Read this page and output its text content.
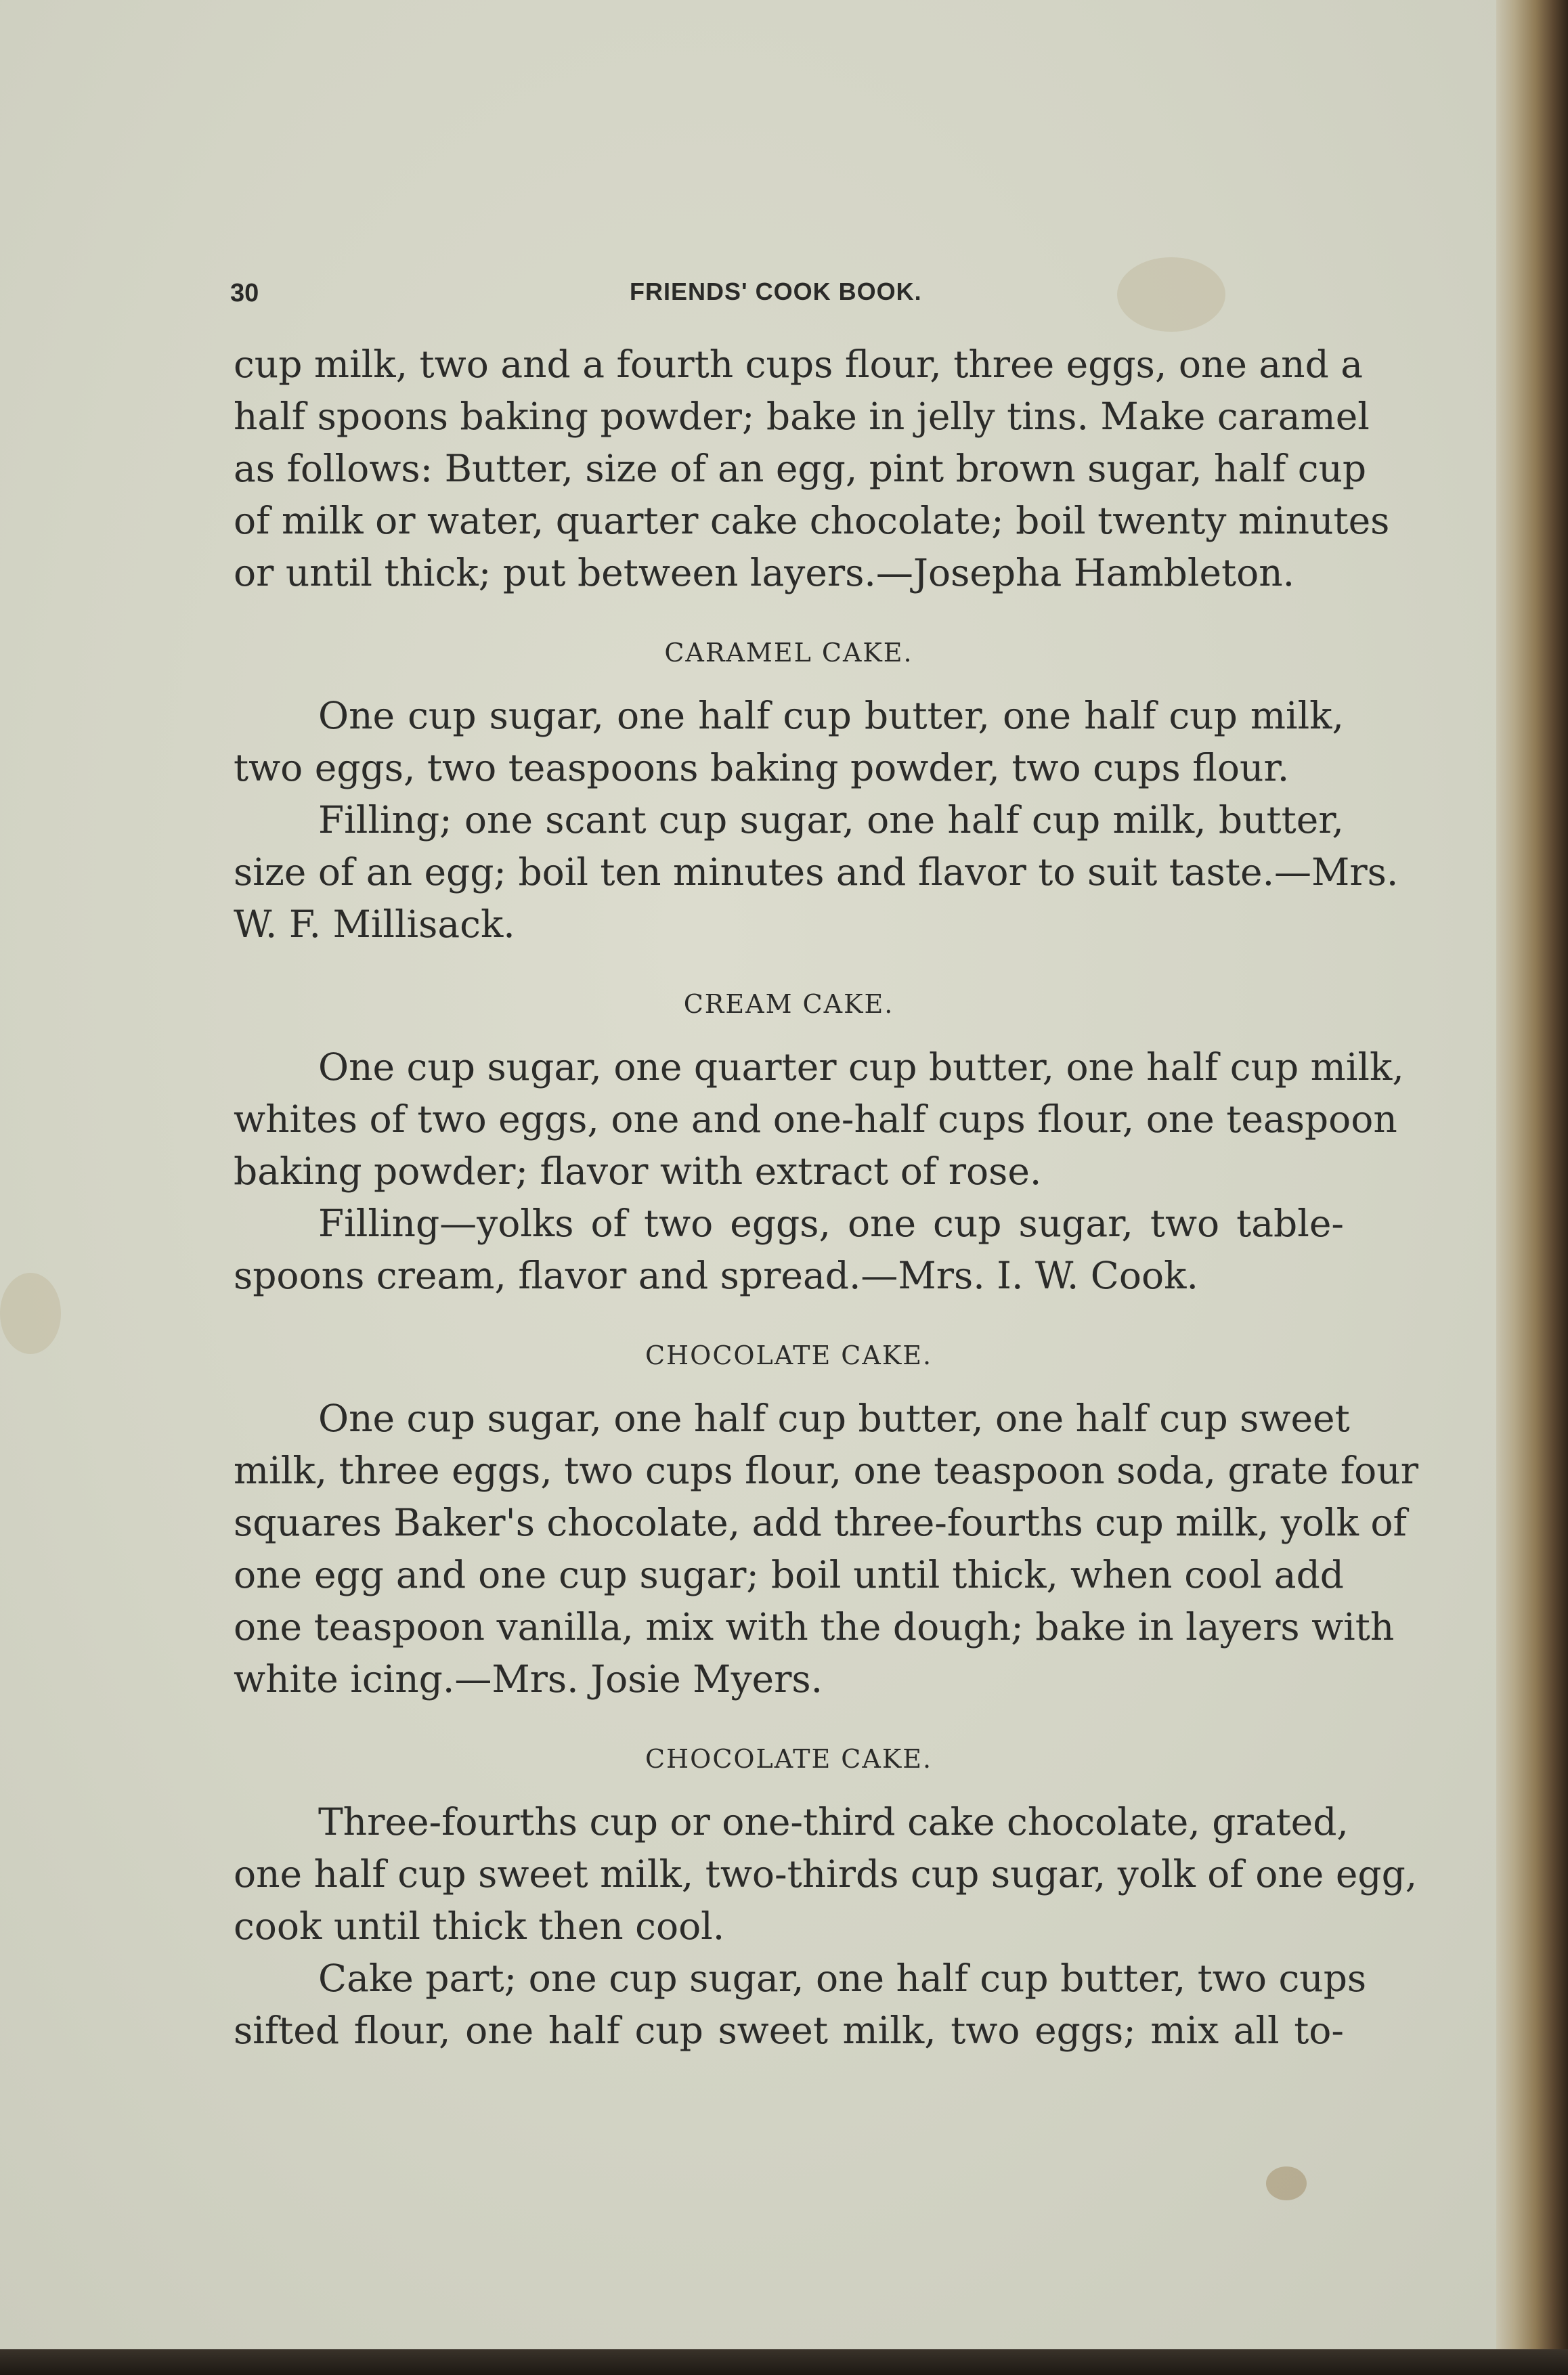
30	FRIENDS' COOK BOOK.
cup milk, two and a fourth cups flour, three eggs, one and a
half spoons baking powder; bake in jelly tins. Make caramel
as follows: Butter, size of an egg, pint brown sugar, half cup
of milk or water, quarter cake chocolate; boil twenty minutes
or until thick; put between layers.—Josepha Hambleton.
CARAMEL CAKE.
One cup sugar, one half cup butter, one half cup milk,
two eggs, two teaspoons baking powder, two cups flour.
Filling; one scant cup sugar, one half cup milk, butter,
size of an egg; boil ten minutes and flavor to suit taste.—Mrs.
W. F. Millisack.
CREAM CAKE.
One cup sugar, one quarter cup butter, one half cup milk,
whites of two eggs, one and one-half cups flour, one teaspoon
baking powder; flavor with extract of rose.
Filling—yolks of two eggs, one cup sugar, two table-
spoons cream, flavor and spread.—Mrs. I. W. Cook.
CHOCOLATE CAKE.
One cup sugar, one half cup butter, one half cup sweet
milk, three eggs, two cups flour, one teaspoon soda, grate four
squares Baker's chocolate, add three-fourths cup milk, yolk of
one egg and one cup sugar; boil until thick, when cool add
one teaspoon vanilla, mix with the dough; bake in layers with
white icing.—Mrs. Josie Myers.
CHOCOLATE CAKE.
Three-fourths cup or one-third cake chocolate, grated,
one half cup sweet milk, two-thirds cup sugar, yolk of one egg,
cook until thick then cool.
Cake part; one cup sugar, one half cup butter, two cups
sifted flour, one half cup sweet milk, two eggs; mix all to-
